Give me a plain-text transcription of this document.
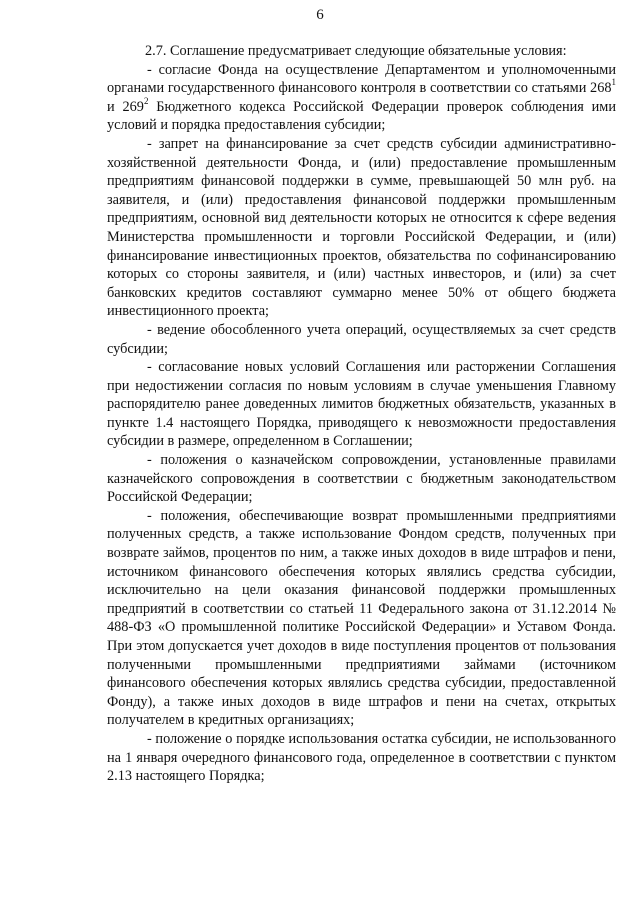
6

2.7. Соглашение предусматривает следующие обязательные условия:

- согласие Фонда на осуществление Департаментом и уполномоченными органами государственного финансового контроля в соответствии со статьями $268^1$ и $269^2$ Бюджетного кодекса Российской Федерации проверок соблюдения ими условий и порядка предоставления субсидии;

- запрет на финансирование за счет средств субсидии административно-хозяйственной деятельности Фонда, и (или) предоставление промышленным предприятиям финансовой поддержки в сумме, превышающей 50 млн руб. на заявителя, и (или) предоставления финансовой поддержки промышленным предприятиям, основной вид деятельности которых не относится к сфере ведения Министерства промышленности и торговли Российской Федерации, и (или) финансирование инвестиционных проектов, обязательства по софинансированию которых со стороны заявителя, и (или) частных инвесторов, и (или) за счет банковских кредитов составляют суммарно менее 50% от общего бюджета инвестиционного проекта;

- ведение обособленного учета операций, осуществляемых за счет средств субсидии;

- согласование новых условий Соглашения или расторжении Соглашения при недостижении согласия по новым условиям в случае уменьшения Главному распорядителю ранее доведенных лимитов бюджетных обязательств, указанных в пункте 1.4 настоящего Порядка, приводящего к невозможности предоставления субсидии в размере, определенном в Соглашении;

- положения о казначейском сопровождении, установленные правилами казначейского сопровождения в соответствии с бюджетным законодательством Российской Федерации;

- положения, обеспечивающие возврат промышленными предприятиями полученных средств, а также использование Фондом средств, полученных при возврате займов, процентов по ним, а также иных доходов в виде штрафов и пени, источником финансового обеспечения которых являлись средства субсидии, исключительно на цели оказания финансовой поддержки промышленных предприятий в соответствии со статьей 11 Федерального закона от 31.12.2014 № 488-ФЗ «О промышленной политике Российской Федерации» и Уставом Фонда. При этом допускается учет доходов в виде поступления процентов от пользования полученными промышленными предприятиями займами (источником финансового обеспечения которых являлись средства субсидии, предоставленной Фонду), а также иных доходов в виде штрафов и пени на счетах, открытых получателем в кредитных организациях;

- положение о порядке использования остатка субсидии, не использованного на 1 января очередного финансового года, определенное в соответствии с пунктом 2.13 настоящего Порядка;
